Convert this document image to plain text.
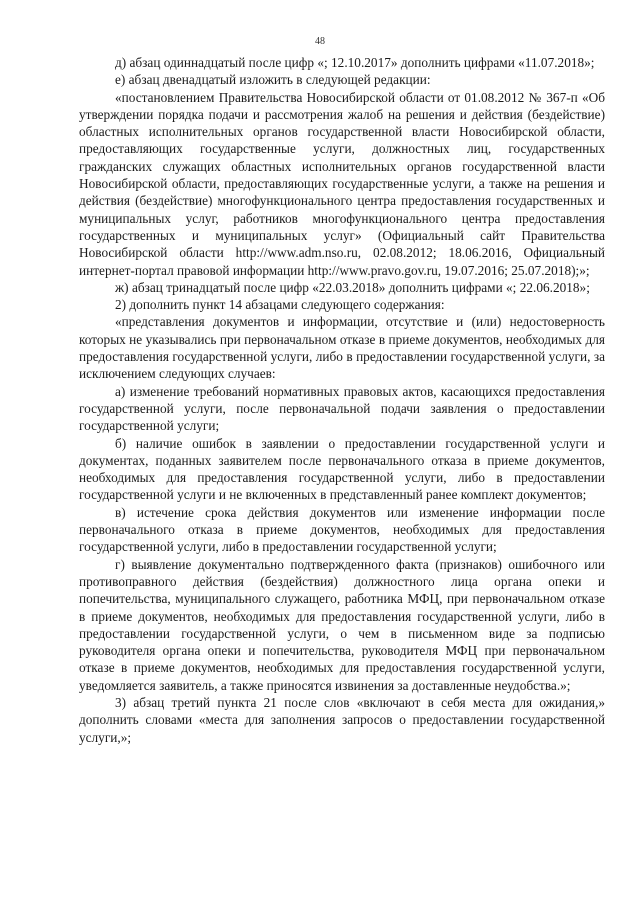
48

д) абзац одиннадцатый после цифр «; 12.10.2017» дополнить цифрами «11.07.2018»;

е) абзац двенадцатый изложить в следующей редакции:

«постановлением Правительства Новосибирской области от 01.08.2012 № 367-п «Об утверждении порядка подачи и рассмотрения жалоб на решения и действия (бездействие) областных исполнительных органов государственной власти Новосибирской области, предоставляющих государственные услуги, должностных лиц, государственных гражданских служащих областных исполнительных органов государственной власти Новосибирской области, предоставляющих государственные услуги, а также на решения и действия (бездействие) многофункционального центра предоставления государственных и муниципальных услуг, работников многофункционального центра предоставления государственных и муниципальных услуг» (Официальный сайт Правительства Новосибирской области http://www.adm.nso.ru, 02.08.2012; 18.06.2016, Официальный интернет-портал правовой информации http://www.pravo.gov.ru, 19.07.2016; 25.07.2018);»;

ж) абзац тринадцатый после цифр «22.03.2018» дополнить цифрами «; 22.06.2018»;

2) дополнить пункт 14 абзацами следующего содержания:

«представления документов и информации, отсутствие и (или) недостоверность которых не указывались при первоначальном отказе в приеме документов, необходимых для предоставления государственной услуги, либо в предоставлении государственной услуги, за исключением следующих случаев:

а) изменение требований нормативных правовых актов, касающихся предоставления государственной услуги, после первоначальной подачи заявления о предоставлении государственной услуги;

б) наличие ошибок в заявлении о предоставлении государственной услуги и документах, поданных заявителем после первоначального отказа в приеме документов, необходимых для предоставления государственной услуги, либо в предоставлении государственной услуги и не включенных в представленный ранее комплект документов;

в) истечение срока действия документов или изменение информации после первоначального отказа в приеме документов, необходимых для предоставления государственной услуги, либо в предоставлении государственной услуги;

г) выявление документально подтвержденного факта (признаков) ошибочного или противоправного действия (бездействия) должностного лица органа опеки и попечительства, муниципального служащего, работника МФЦ, при первоначальном отказе в приеме документов, необходимых для предоставления государственной услуги, либо в предоставлении государственной услуги, о чем в письменном виде за подписью руководителя органа опеки и попечительства, руководителя МФЦ при первоначальном отказе в приеме документов, необходимых для предоставления государственной услуги, уведомляется заявитель, а также приносятся извинения за доставленные неудобства.»;

3) абзац третий пункта 21 после слов «включают в себя места для ожидания,» дополнить словами «места для заполнения запросов о предоставлении государственной услуги,»;
